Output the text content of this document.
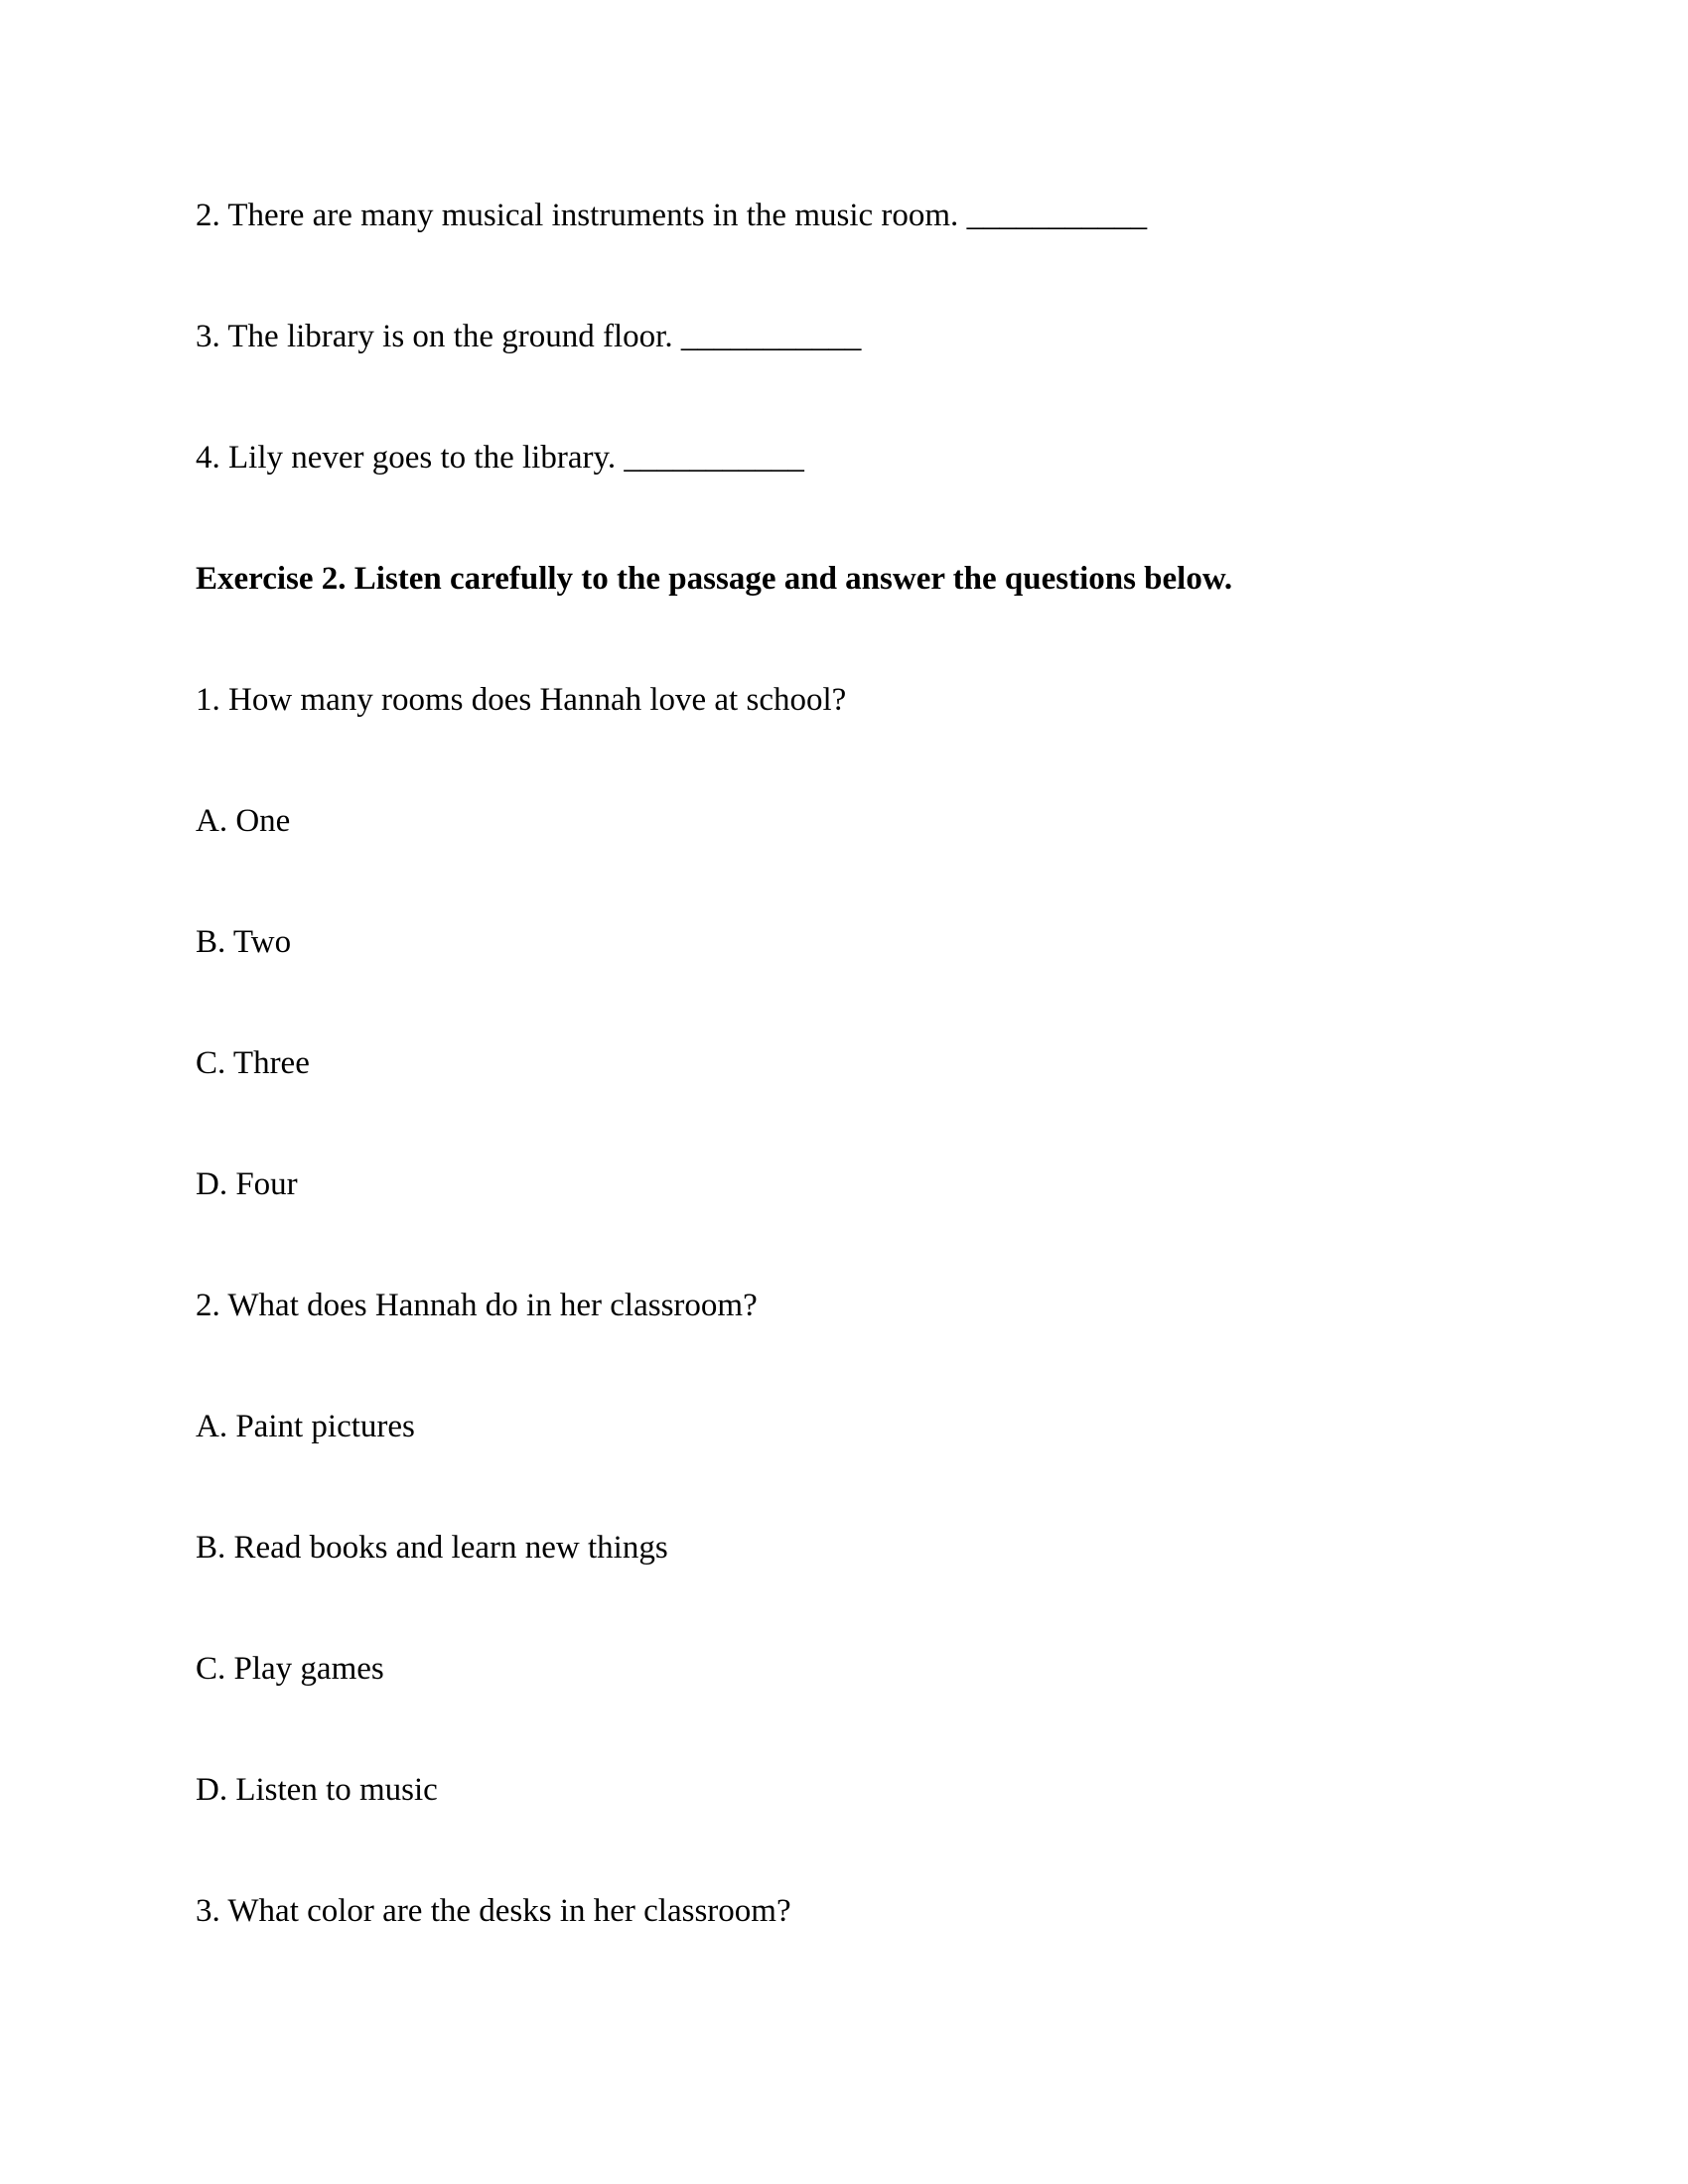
2. There are many musical instruments in the music room. ___________

3. The library is on the ground floor. ___________

4. Lily never goes to the library. ___________

Exercise 2. Listen carefully to the passage and answer the questions below.

1. How many rooms does Hannah love at school?

A. One

B. Two

C. Three

D. Four

2. What does Hannah do in her classroom?

A. Paint pictures

B. Read books and learn new things

C. Play games

D. Listen to music

3. What color are the desks in her classroom?
